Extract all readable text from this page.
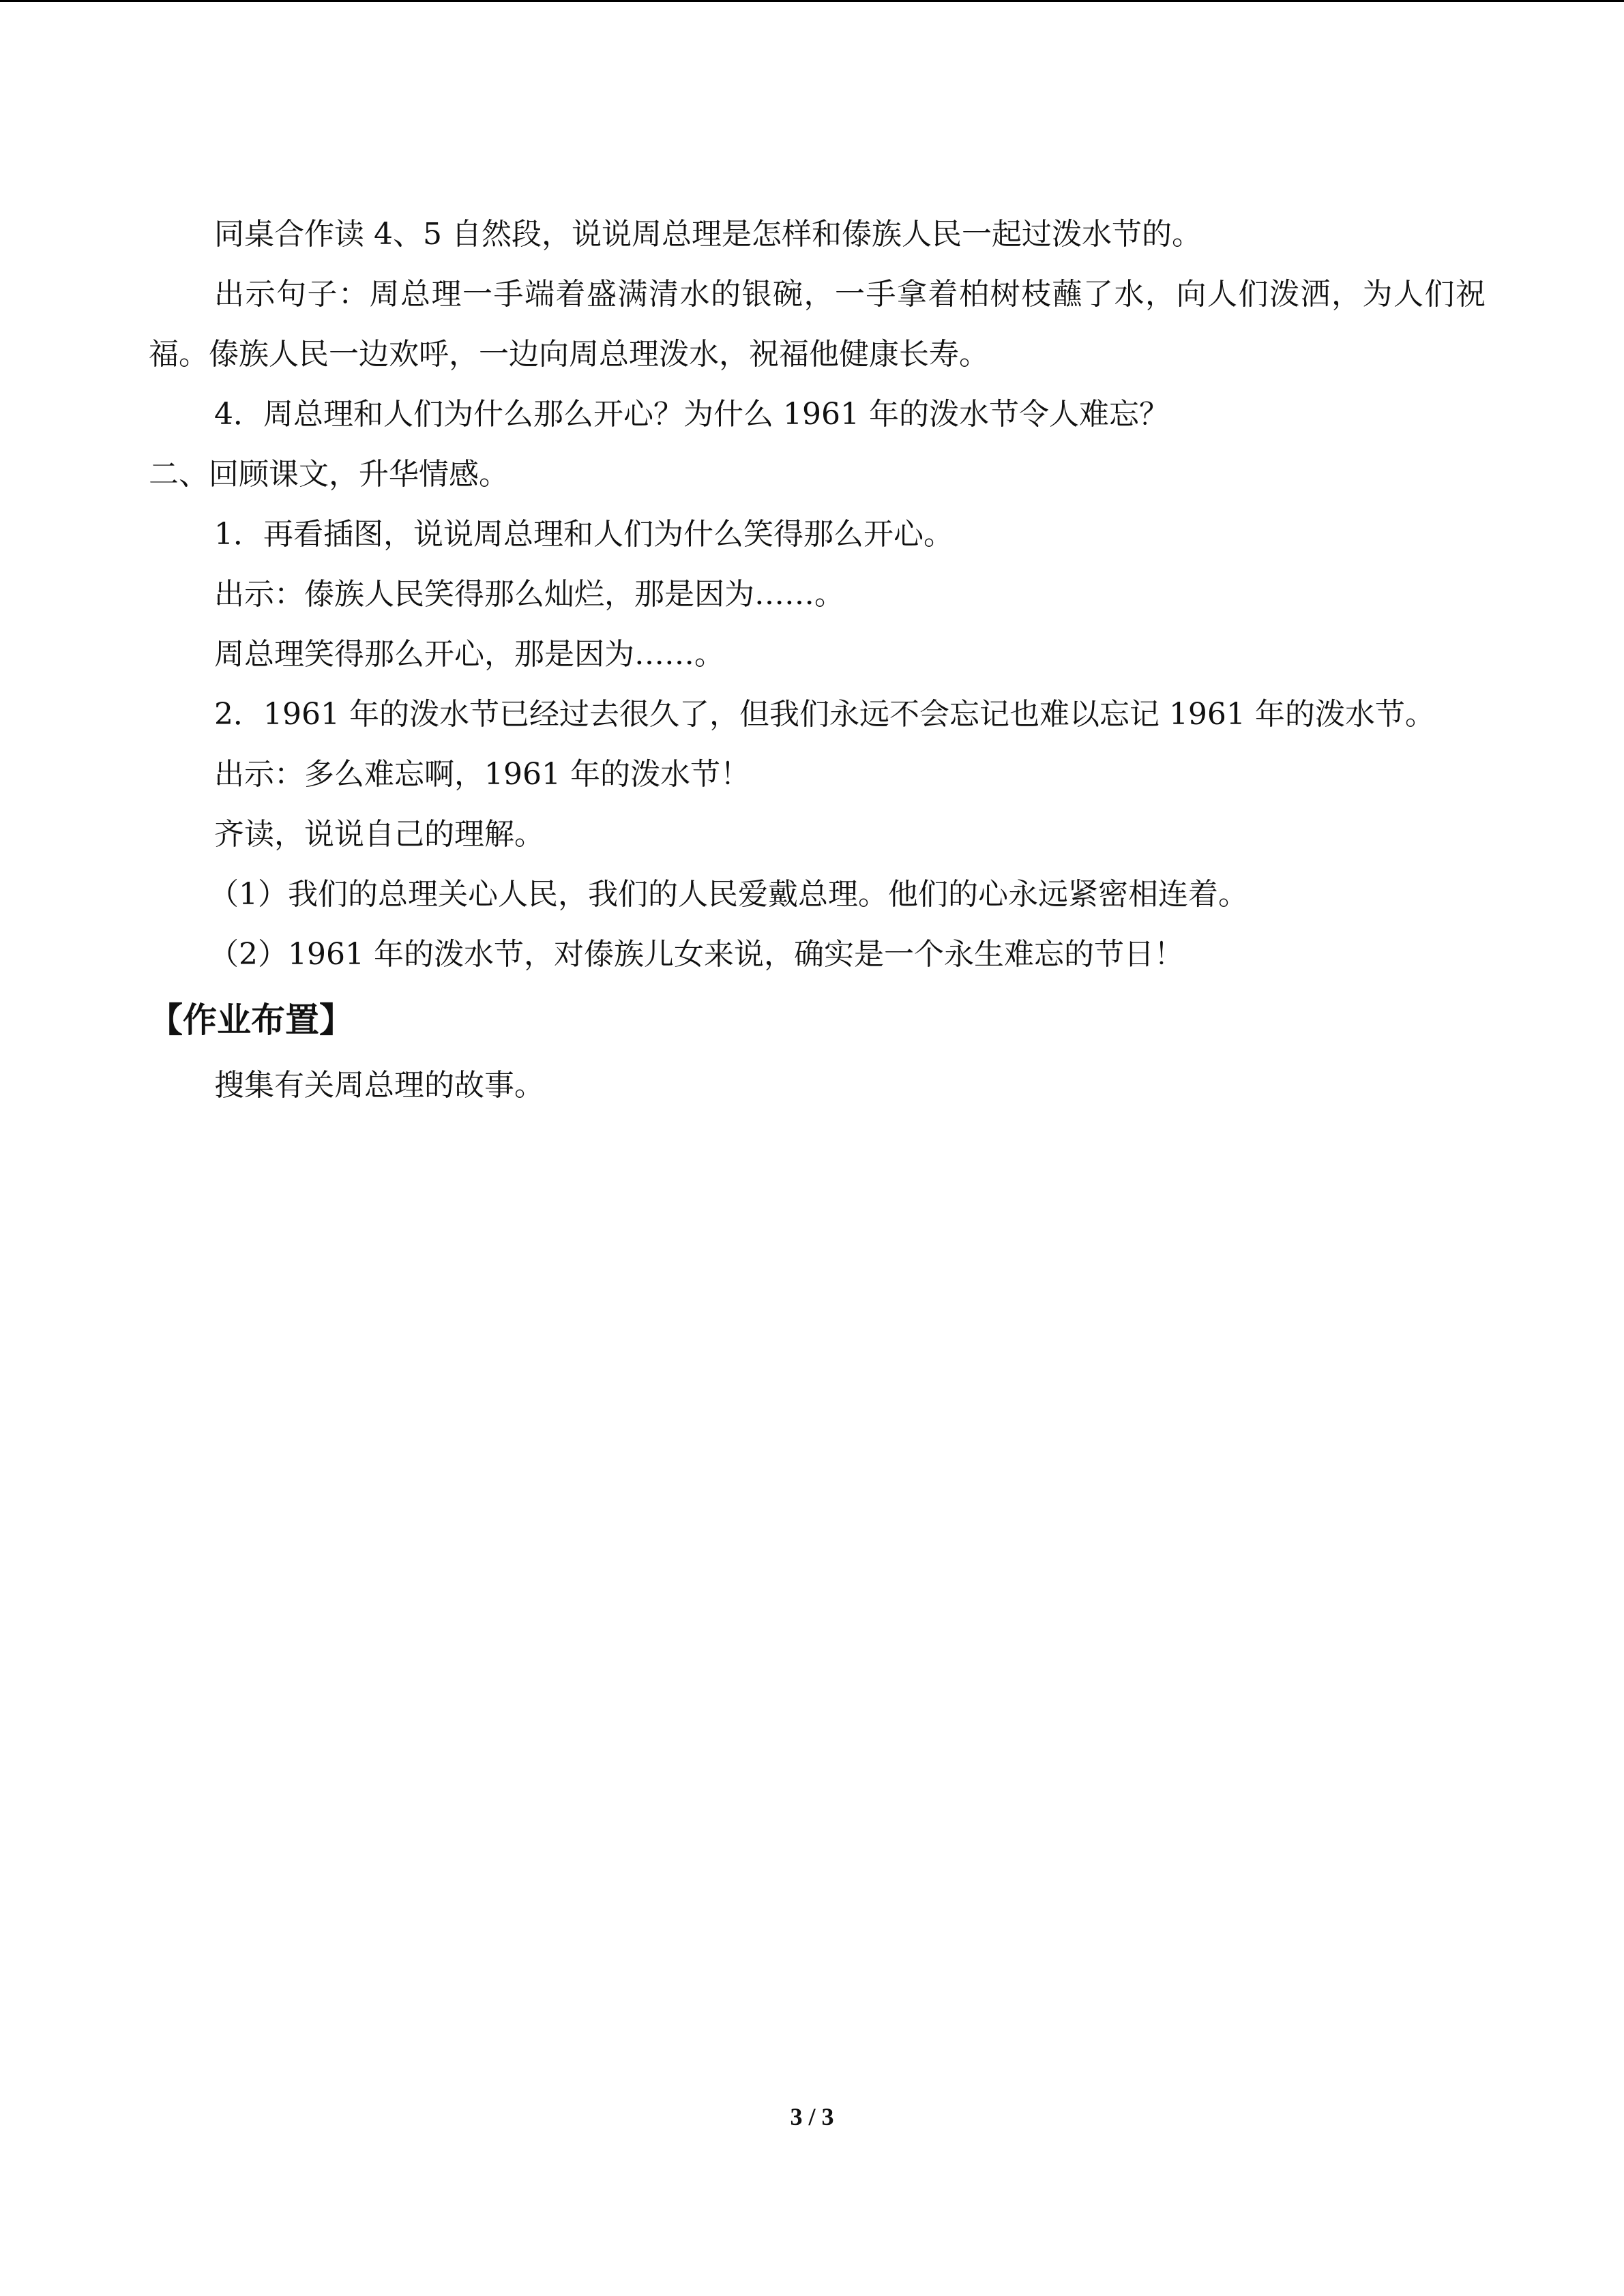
同桌合作读 4、5 自然段，说说周总理是怎样和傣族人民一起过泼水节的。
出示句子：周总理一手端着盛满清水的银碗，一手拿着柏树枝蘸了水，向人们泼洒，为人们祝福。傣族人民一边欢呼，一边向周总理泼水，祝福他健康长寿。
4．周总理和人们为什么那么开心？为什么 1961 年的泼水节令人难忘？
二、回顾课文，升华情感。
1．再看插图，说说周总理和人们为什么笑得那么开心。
出示：傣族人民笑得那么灿烂，那是因为……。
周总理笑得那么开心，那是因为……。
2．1961 年的泼水节已经过去很久了，但我们永远不会忘记也难以忘记 1961 年的泼水节。
出示：多么难忘啊，1961 年的泼水节！
齐读，说说自己的理解。
（1）我们的总理关心人民，我们的人民爱戴总理。他们的心永远紧密相连着。
（2）1961 年的泼水节，对傣族儿女来说，确实是一个永生难忘的节日！
【作业布置】
搜集有关周总理的故事。
3 / 3
